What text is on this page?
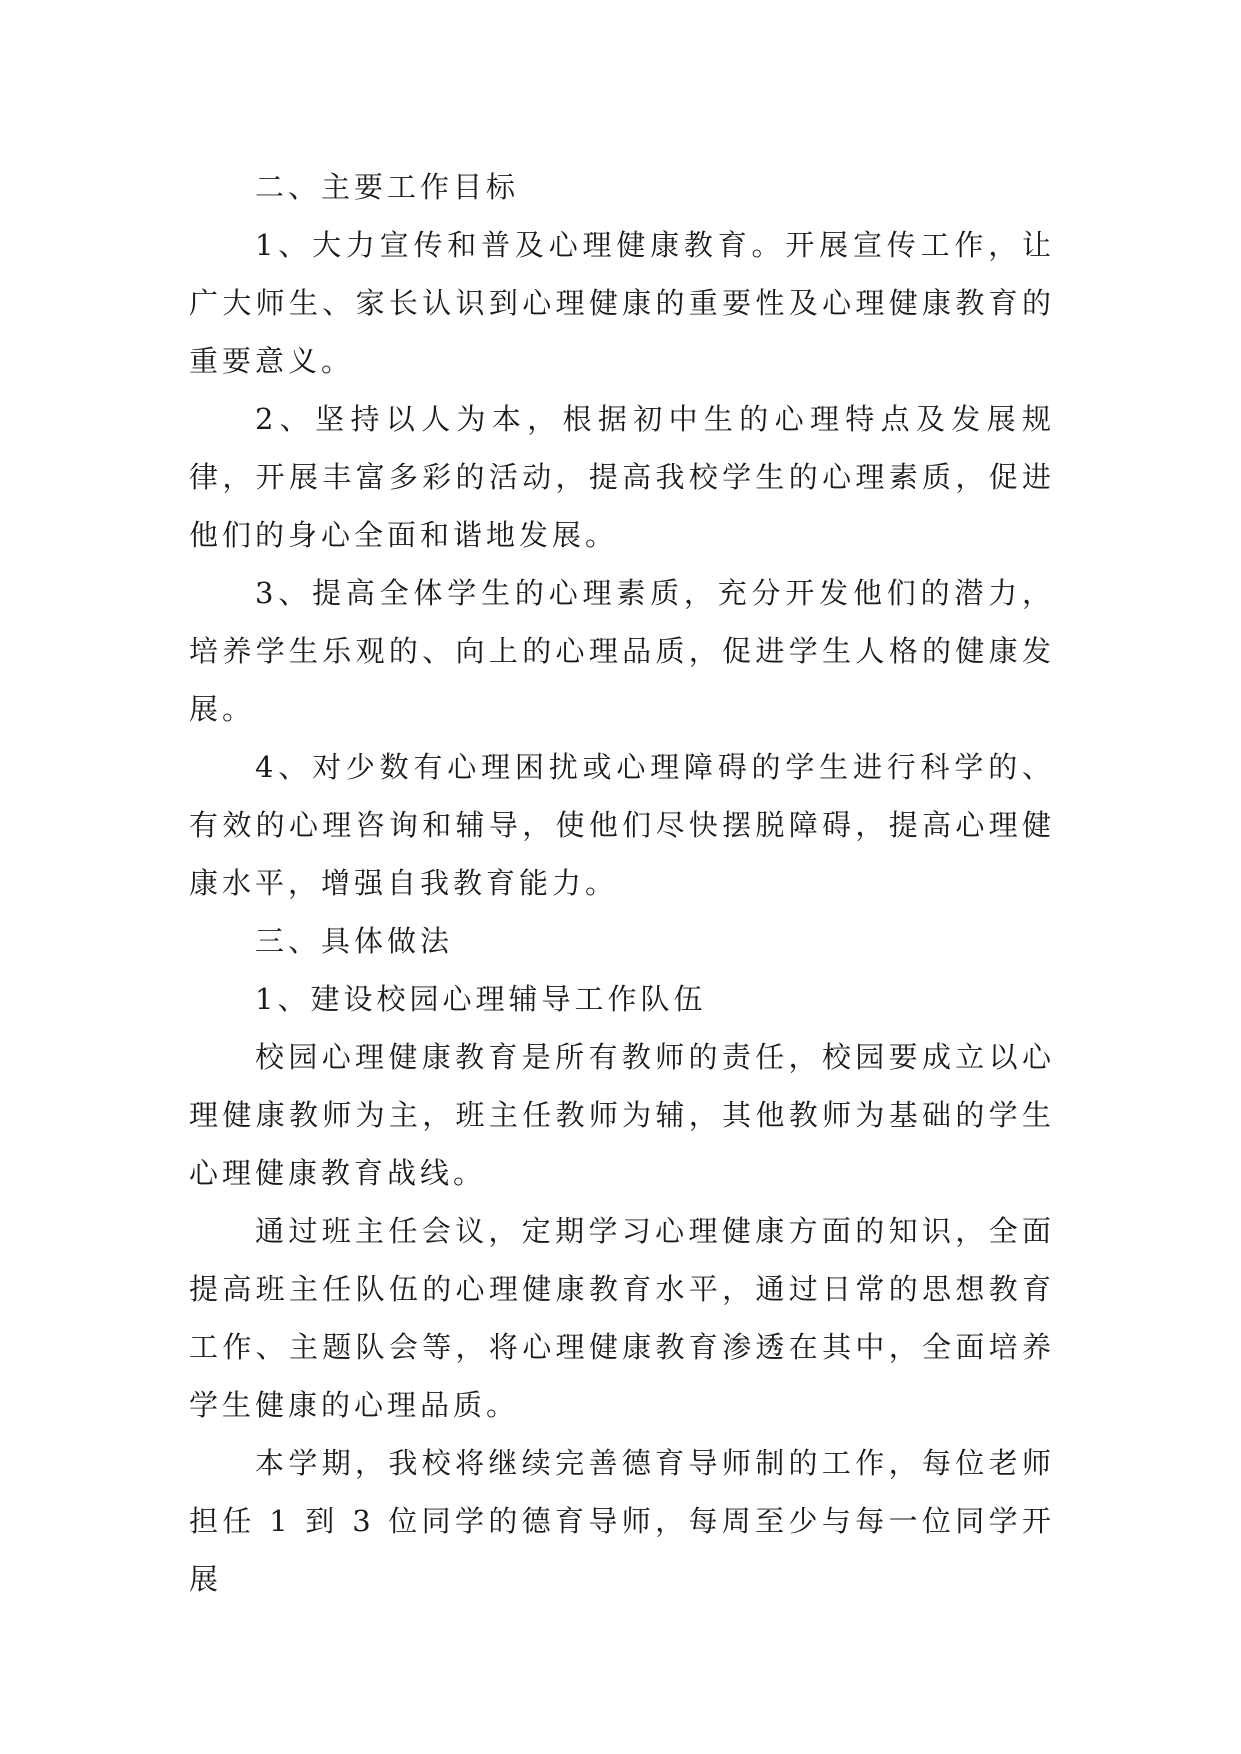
二、主要工作目标

1、大力宣传和普及心理健康教育。开展宣传工作，让广大师生、家长认识到心理健康的重要性及心理健康教育的重要意义。

2、坚持以人为本，根据初中生的心理特点及发展规律，开展丰富多彩的活动，提高我校学生的心理素质，促进他们的身心全面和谐地发展。

3、提高全体学生的心理素质，充分开发他们的潜力，培养学生乐观的、向上的心理品质，促进学生人格的健康发展。

4、对少数有心理困扰或心理障碍的学生进行科学的、有效的心理咨询和辅导，使他们尽快摆脱障碍，提高心理健康水平，增强自我教育能力。

三、具体做法

1、建设校园心理辅导工作队伍

校园心理健康教育是所有教师的责任，校园要成立以心理健康教师为主，班主任教师为辅，其他教师为基础的学生心理健康教育战线。

通过班主任会议，定期学习心理健康方面的知识，全面提高班主任队伍的心理健康教育水平，通过日常的思想教育工作、主题队会等，将心理健康教育渗透在其中，全面培养学生健康的心理品质。

本学期，我校将继续完善德育导师制的工作，每位老师担任 1 到 3 位同学的德育导师，每周至少与每一位同学开展
